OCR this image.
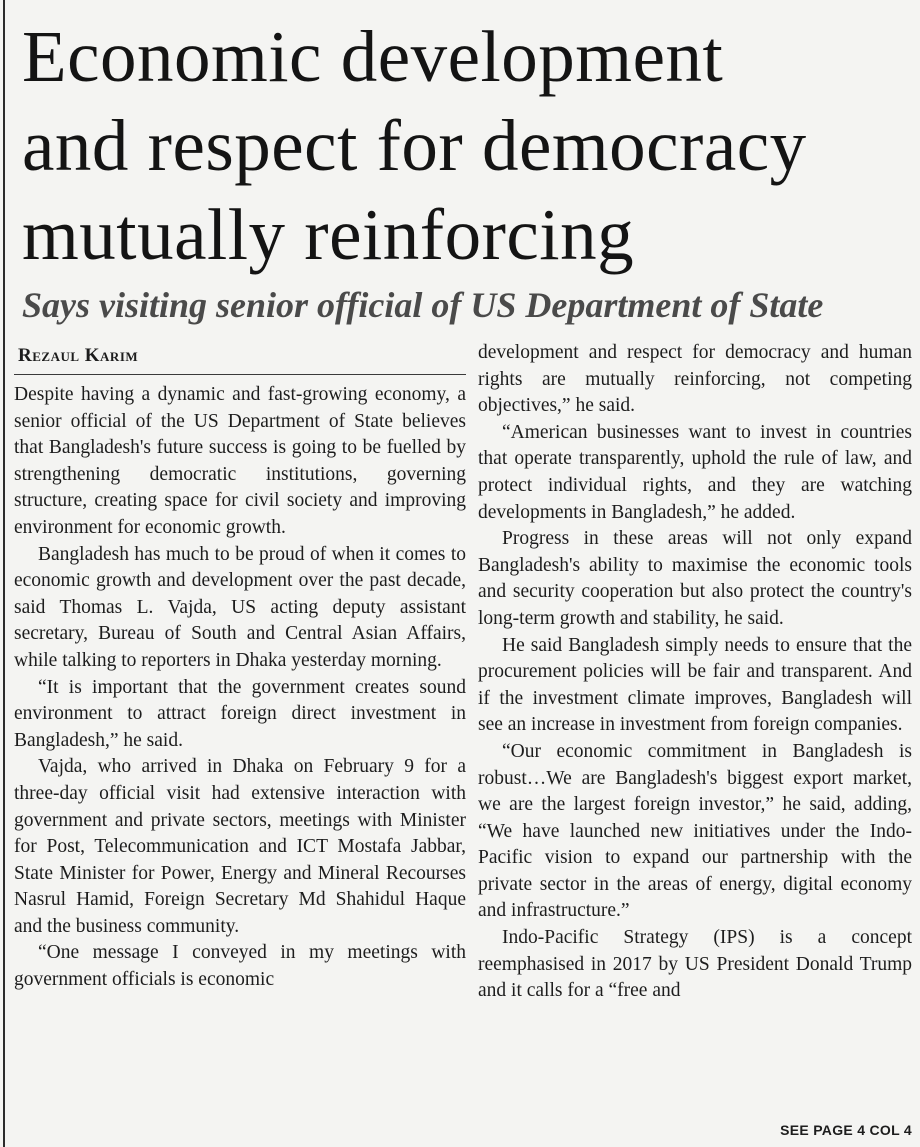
Economic development
and respect for democracy
mutually reinforcing
Says visiting senior official of US Department of State
Rezaul Karim

Despite having a dynamic and fast-growing economy, a senior official of the US Department of State believes that Bangladesh's future success is going to be fuelled by strengthening democratic institutions, governing structure, creating space for civil society and improving environment for economic growth.

Bangladesh has much to be proud of when it comes to economic growth and development over the past decade, said Thomas L. Vajda, US acting deputy assistant secretary, Bureau of South and Central Asian Affairs, while talking to reporters in Dhaka yesterday morning.

“It is important that the government creates sound environment to attract foreign direct investment in Bangladesh,” he said.

Vajda, who arrived in Dhaka on February 9 for a three-day official visit had extensive interaction with government and private sectors, meetings with Minister for Post, Telecommunication and ICT Mostafa Jabbar, State Minister for Power, Energy and Mineral Recourses Nasrul Hamid, Foreign Secretary Md Shahidul Haque and the business community.

“One message I conveyed in my meetings with government officials is economic

development and respect for democracy and human rights are mutually reinforcing, not competing objectives,” he said.

“American businesses want to invest in countries that operate transparently, uphold the rule of law, and protect individual rights, and they are watching developments in Bangladesh,” he added.

Progress in these areas will not only expand Bangladesh's ability to maximise the economic tools and security cooperation but also protect the country's long-term growth and stability, he said.

He said Bangladesh simply needs to ensure that the procurement policies will be fair and transparent. And if the investment climate improves, Bangladesh will see an increase in investment from foreign companies.

“Our economic commitment in Bangladesh is robust…We are Bangladesh's biggest export market, we are the largest foreign investor,” he said, adding, “We have launched new initiatives under the Indo-Pacific vision to expand our partnership with the private sector in the areas of energy, digital economy and infrastructure.”

Indo-Pacific Strategy (IPS) is a concept reemphasised in 2017 by US President Donald Trump and it calls for a “free and

SEE PAGE 4 COL 4
